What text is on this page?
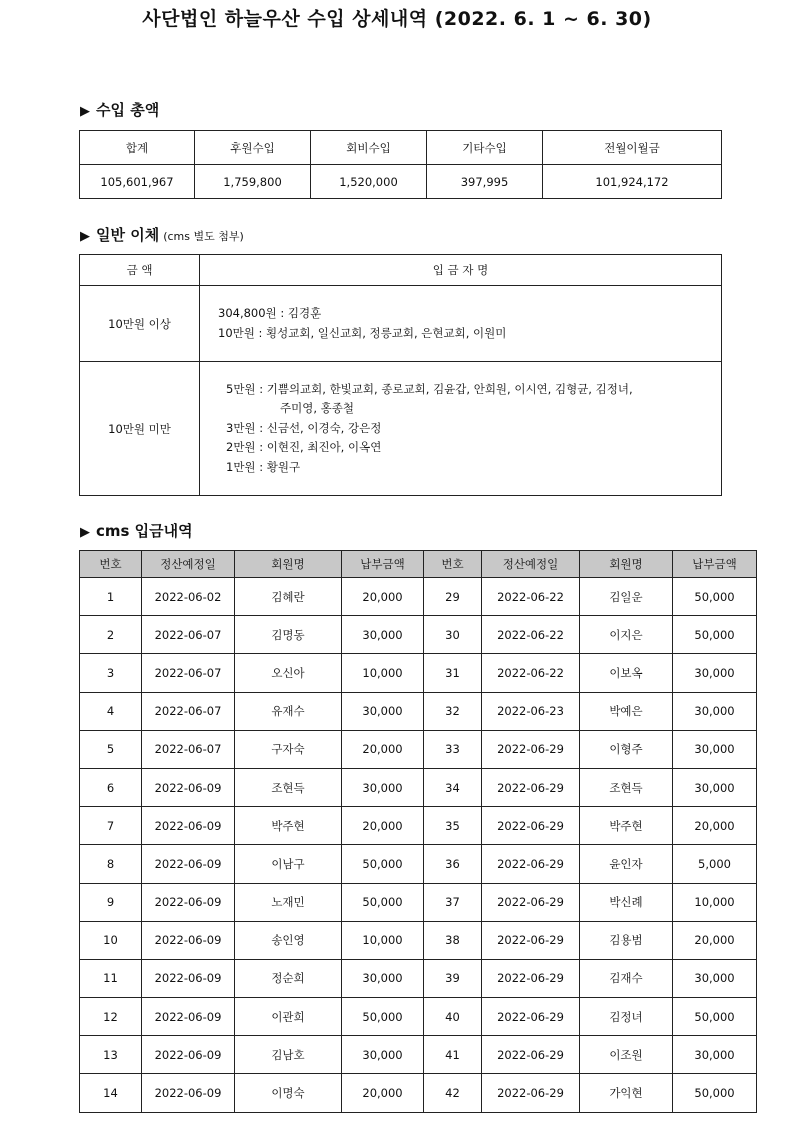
사단법인 하늘우산 수입 상세내역 (2022. 6. 1 ~ 6. 30)
▶ 수입 총액
합계	후원수입	회비수입	기타수입	전월이월금
105,601,967	1,759,800	1,520,000	397,995	101,924,172
▶ 일반 이체 (cms 별도 첨부)
금 액	입 금 자 명
10만원 이상	304,800원 : 김경훈
10만원 : 횡성교회, 일신교회, 정릉교회, 은현교회, 이원미

10만원 미만	5만원 : 기쁨의교회, 한빛교회, 종로교회, 김윤갑, 안희원, 이시연, 김형균, 김정녀,
주미영, 홍종철
3만원 : 신금선, 이경숙, 강은정
2만원 : 이현진, 최진아, 이옥연
1만원 : 황원구
▶ cms 입금내역
번호	정산예정일	회원명	납부금액	번호	정산예정일	회원명	납부금액
1	2022-06-02	김혜란	20,000	29	2022-06-22	김일운	50,000
2	2022-06-07	김명동	30,000	30	2022-06-22	이지은	50,000
3	2022-06-07	오신아	10,000	31	2022-06-22	이보옥	30,000
4	2022-06-07	유재수	30,000	32	2022-06-23	박예은	30,000
5	2022-06-07	구자숙	20,000	33	2022-06-29	이형주	30,000
6	2022-06-09	조현득	30,000	34	2022-06-29	조현득	30,000
7	2022-06-09	박주현	20,000	35	2022-06-29	박주현	20,000
8	2022-06-09	이남구	50,000	36	2022-06-29	윤인자	5,000
9	2022-06-09	노재민	50,000	37	2022-06-29	박신례	10,000
10	2022-06-09	송인영	10,000	38	2022-06-29	김용범	20,000
11	2022-06-09	정순희	30,000	39	2022-06-29	김재수	30,000
12	2022-06-09	이관희	50,000	40	2022-06-29	김정녀	50,000
13	2022-06-09	김남호	30,000	41	2022-06-29	이조원	30,000
14	2022-06-09	이명숙	20,000	42	2022-06-29	가익현	50,000
